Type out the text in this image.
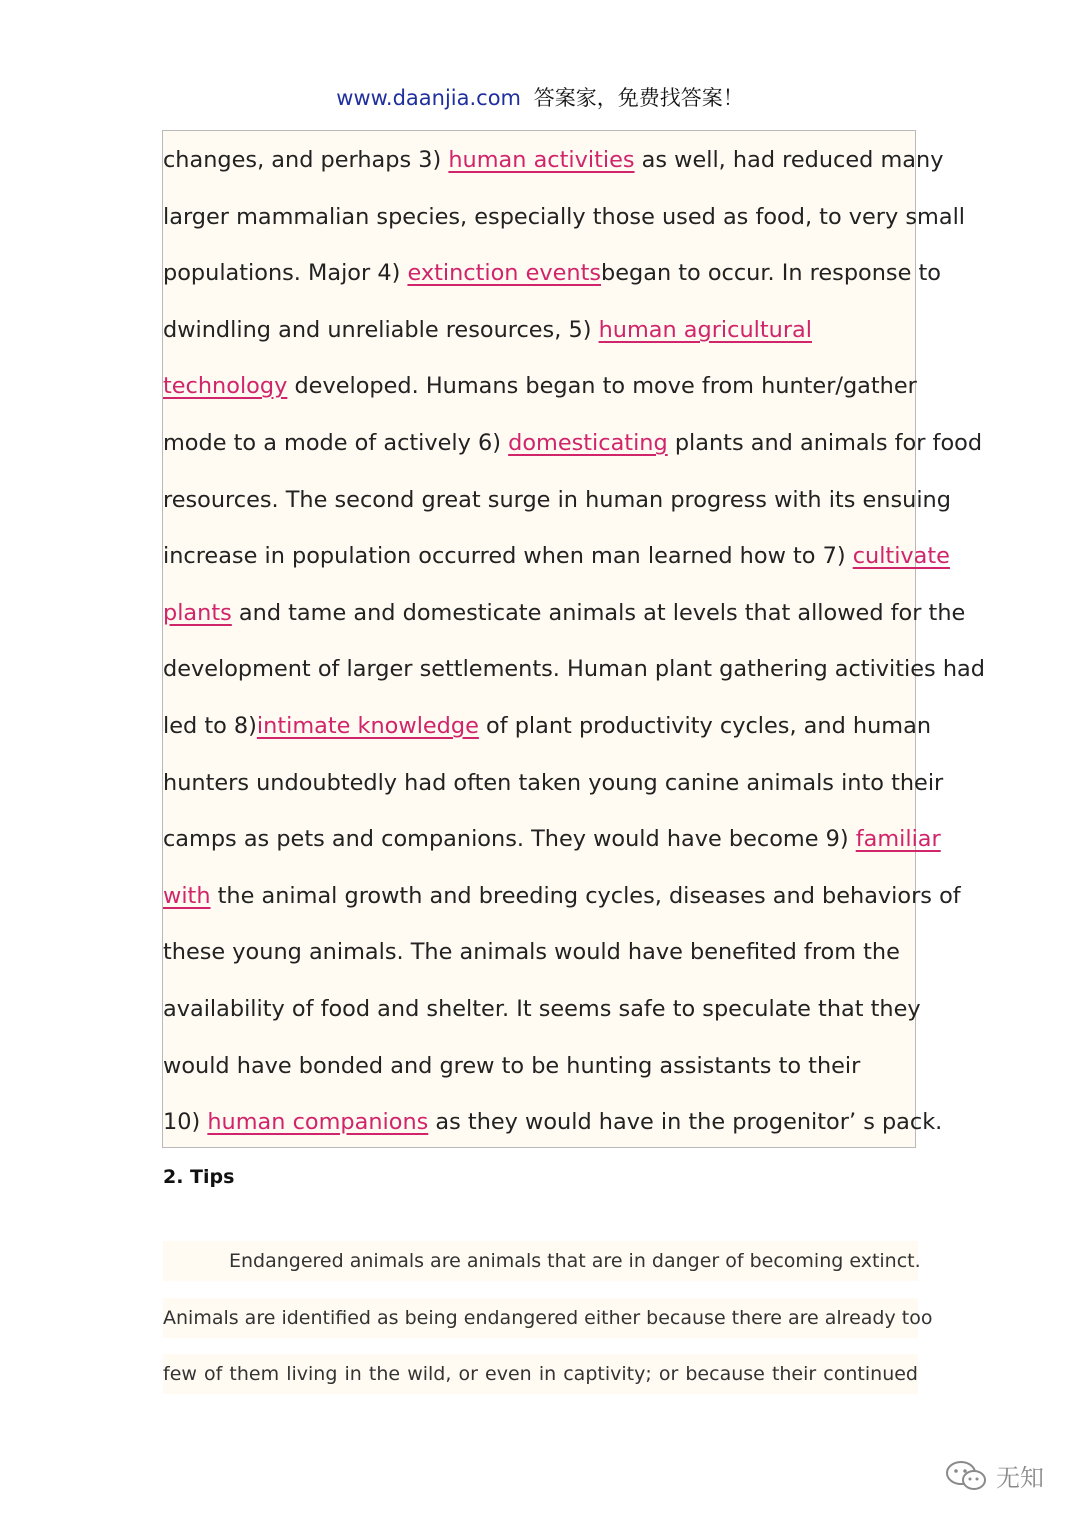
www.daanjia.com 答案家，免费找答案！
changes, and perhaps 3) human activities as well, had reduced many
larger mammalian species, especially those used as food, to very small
populations. Major 4) extinction eventsbegan to occur. In response to
dwindling and unreliable resources, 5) human agricultural
technology developed. Humans began to move from hunter/gather
mode to a mode of actively 6) domesticating plants and animals for food
resources. The second great surge in human progress with its ensuing
increase in population occurred when man learned how to 7) cultivate
plants and tame and domesticate animals at levels that allowed for the
development of larger settlements. Human plant gathering activities had
led to 8)intimate knowledge of plant productivity cycles, and human
hunters undoubtedly had often taken young canine animals into their
camps as pets and companions. They would have become 9) familiar
with the animal growth and breeding cycles, diseases and behaviors of
these young animals. The animals would have benefited from the
availability of food and shelter. It seems safe to speculate that they
would have bonded and grew to be hunting assistants to their
10) human companions as they would have in the progenitor’ s pack.
2. Tips
Endangered animals are animals that are in danger of becoming extinct.
Animals are identified as being endangered either because there are already too
few of them living in the wild, or even in captivity; or because their continued
无知
